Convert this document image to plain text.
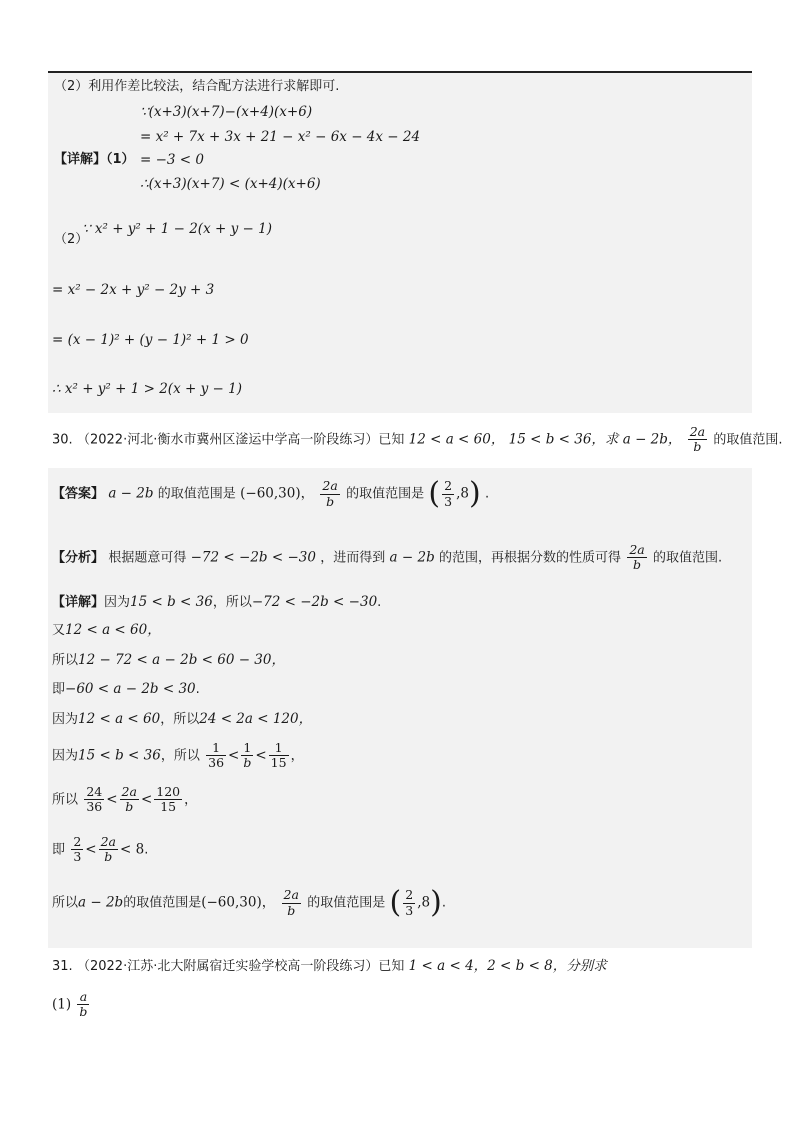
（2）利用作差比较法，结合配方法进行求解即可.
∵(x+3)(x+7)−(x+4)(x+6)
= x² + 7x + 3x + 21 − x² − 6x − 4x − 24
【详解】（1） = −3 < 0
∴(x+3)(x+7) < (x+4)(x+6)
（2）
∵ x² + y² + 1 − 2(x + y − 1)
= x² − 2x + y² − 2y + 3
= (x − 1)² + (y − 1)² + 1 > 0
∴ x² + y² + 1 > 2(x + y − 1)
30. （2022·河北·衡水市冀州区滏运中学高一阶段练习）已知 12 < a < 60， 15 < b < 36，求 a − 2b， $\frac{2a}{b}$ 的取值范围.
【答案】 a − 2b 的取值范围是 (−60,30)， $\frac{2a}{b}$ 的取值范围是 ( $\frac{2}{3} ,8$) .
【分析】 根据题意可得 −72 < −2b < −30 ，进而得到 a − 2b 的范围，再根据分数的性质可得 $\frac{2a}{b}$ 的取值范围.
【详解】因为15 < b < 36，所以−72 < −2b < −30.
又12 < a < 60，
所以12 − 72 < a − 2b < 60 − 30，
即−60 < a − 2b < 30.
因为12 < a < 60，所以24 < 2a < 120，
因为15 < b < 36，所以 $\frac{1}{36} < \frac{1}{b} < \frac{1}{15}$ ，
所以 $\frac{24}{36} < \frac{2a}{b} < \frac{120}{15}$ ，
即 $\frac{2}{3} < \frac{2a}{b} < 8$.
所以a − 2b的取值范围是(−60,30)， $\frac{2a}{b}$ 的取值范围是 ( $\frac{2}{3} ,8$).
31. （2022·江苏·北大附属宿迁实验学校高一阶段练习）已知 1 < a < 4，2 < b < 8，分别求
$(1) \frac{a}{b}$
